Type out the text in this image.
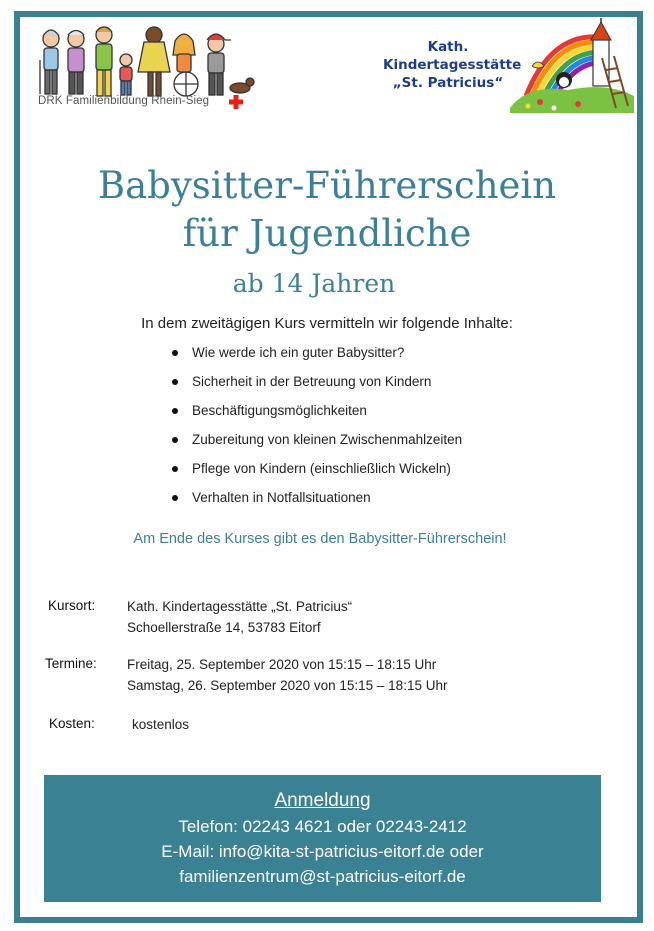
DRK Familienbildung Rhein-Sieg
Kath.
Kindertagesstätte
„St. Patricius“
Babysitter-Führerschein
für Jugendliche
ab 14 Jahren
In dem zweitägigen Kurs vermitteln wir folgende Inhalte:
Wie werde ich ein guter Babysitter?
Sicherheit in der Betreuung von Kindern
Beschäftigungsmöglichkeiten
Zubereitung von kleinen Zwischenmahlzeiten
Pflege von Kindern (einschließlich Wickeln)
Verhalten in Notfallsituationen
Am Ende des Kurses gibt es den Babysitter-Führerschein!
Kursort: Kath. Kindertagesstätte „St. Patricius“
Schoellerstraße 14, 53783 Eitorf
Termine: Freitag, 25. September 2020 von 15:15 – 18:15 Uhr
Samstag, 26. September 2020 von 15:15 – 18:15 Uhr
Kosten:	kostenlos
Anmeldung
Telefon: 02243 4621 oder 02243-2412
E-Mail: info@kita-st-patricius-eitorf.de oder
familienzentrum@st-patricius-eitorf.de
